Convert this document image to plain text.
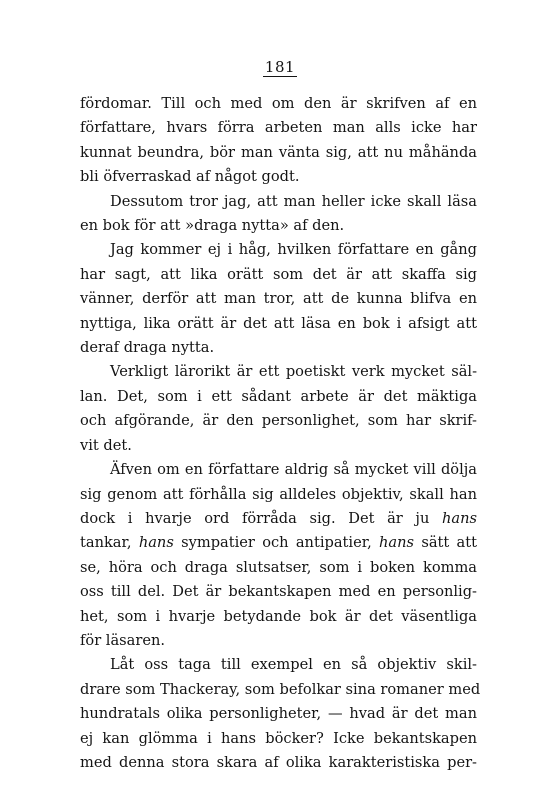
181
fördomar. Till och med om den är skrifven af en
författare, hvars förra arbeten man alls icke har
kunnat beundra, bör man vänta sig, att nu måhända
bli öfverraskad af något godt.
Dessutom tror jag, att man heller icke skall läsa
en bok för att »draga nytta» af den.
Jag kommer ej i håg, hvilken författare en gång
har sagt, att lika orätt som det är att skaffa sig
vänner, derför att man tror, att de kunna blifva en
nyttiga, lika orätt är det att läsa en bok i afsigt att
deraf draga nytta.
Verkligt lärorikt är ett poetiskt verk mycket säl-
lan. Det, som i ett sådant arbete är det mäktiga
och afgörande, är den personlighet, som har skrif-
vit det.
Äfven om en författare aldrig så mycket vill dölja
sig genom att förhålla sig alldeles objektiv, skall han
dock i hvarje ord förråda sig. Det är ju hans
tankar, hans sympatier och antipatier, hans sätt att
se, höra och draga slutsatser, som i boken komma
oss till del. Det är bekantskapen med en personlig-
het, som i hvarje betydande bok är det väsentliga
för läsaren.
Låt oss taga till exempel en så objektiv skil-
drare som Thackeray, som befolkar sina romaner med
hundratals olika personligheter, — hvad är det man
ej kan glömma i hans böcker? Icke bekantskapen
med denna stora skara af olika karakteristiska per-
